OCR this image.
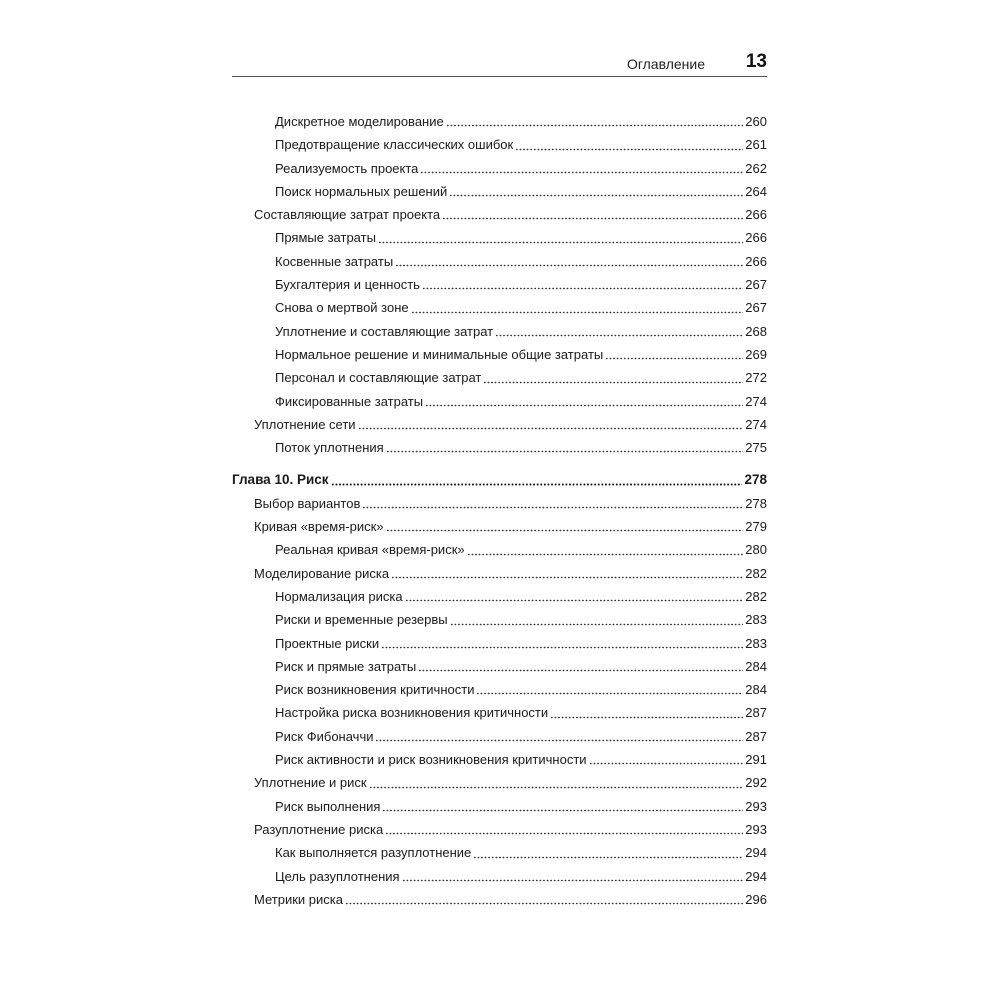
Оглавление 13
Дискретное моделирование	260
Предотвращение классических ошибок	261
Реализуемость проекта	262
Поиск нормальных решений	264
Составляющие затрат проекта	266
Прямые затраты	266
Косвенные затраты	266
Бухгалтерия и ценность	267
Снова о мертвой зоне	267
Уплотнение и составляющие затрат	268
Нормальное решение и минимальные общие затраты	269
Персонал и составляющие затрат	272
Фиксированные затраты	274
Уплотнение сети	274
Поток уплотнения	275
Глава 10. Риск	278
Выбор вариантов	278
Кривая «время-риск»	279
Реальная кривая «время-риск»	280
Моделирование риска	282
Нормализация риска	282
Риски и временные резервы	283
Проектные риски	283
Риск и прямые затраты	284
Риск возникновения критичности	284
Настройка риска возникновения критичности	287
Риск Фибоначчи	287
Риск активности и риск возникновения критичности	291
Уплотнение и риск	292
Риск выполнения	293
Разуплотнение риска	293
Как выполняется разуплотнение	294
Цель разуплотнения	294
Метрики риска	296
